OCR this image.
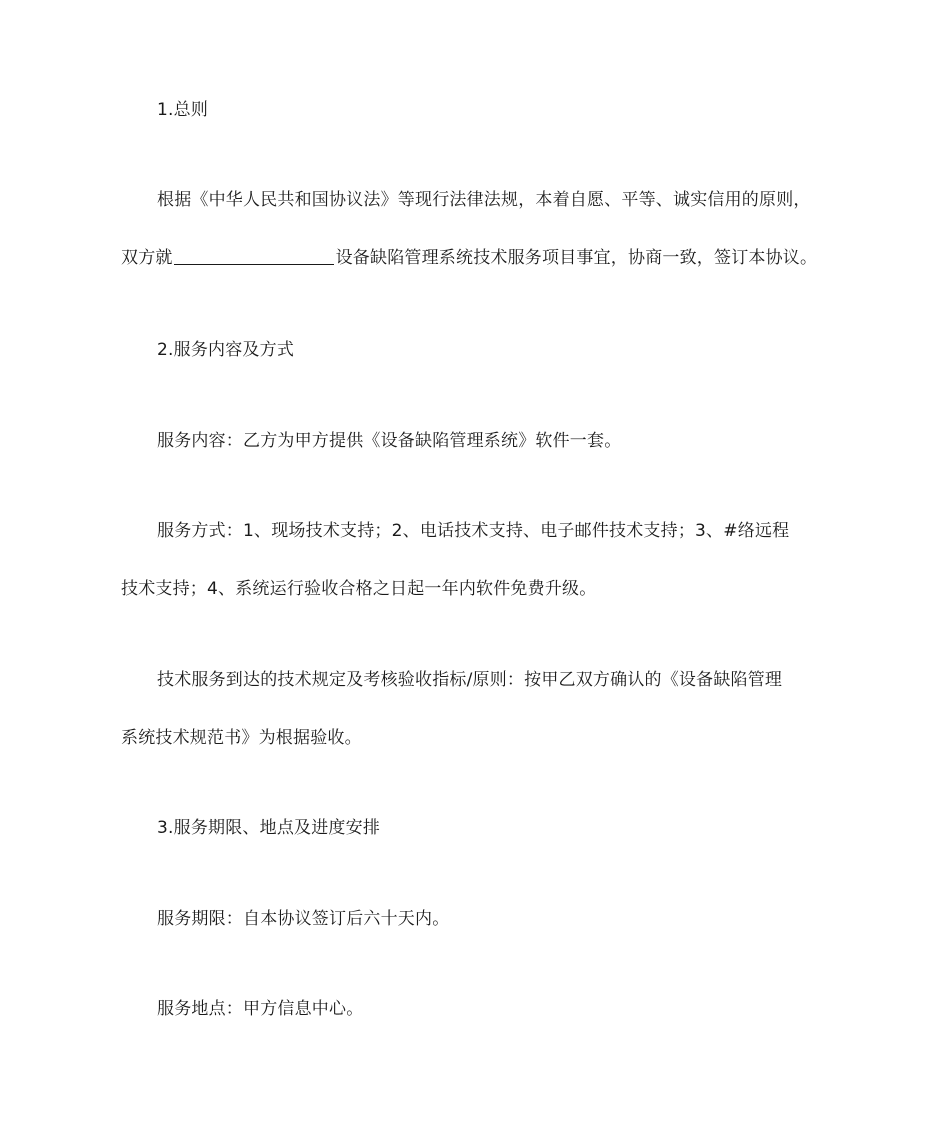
1.总则
根据《中华人民共和国协议法》等现行法律法规，本着自愿、平等、诚实信用的原则，
双方就	设备缺陷管理系统技术服务项目事宜，协商一致，签订本协议。
2.服务内容及方式
服务内容：乙方为甲方提供《设备缺陷管理系统》软件一套。
服务方式：1、现场技术支持；2、电话技术支持、电子邮件技术支持；3、#络远程
技术支持；4、系统运行验收合格之日起一年内软件免费升级。
技术服务到达的技术规定及考核验收指标/原则：按甲乙双方确认的《设备缺陷管理
系统技术规范书》为根据验收。
3.服务期限、地点及进度安排
服务期限：自本协议签订后六十天内。
服务地点：甲方信息中心。
